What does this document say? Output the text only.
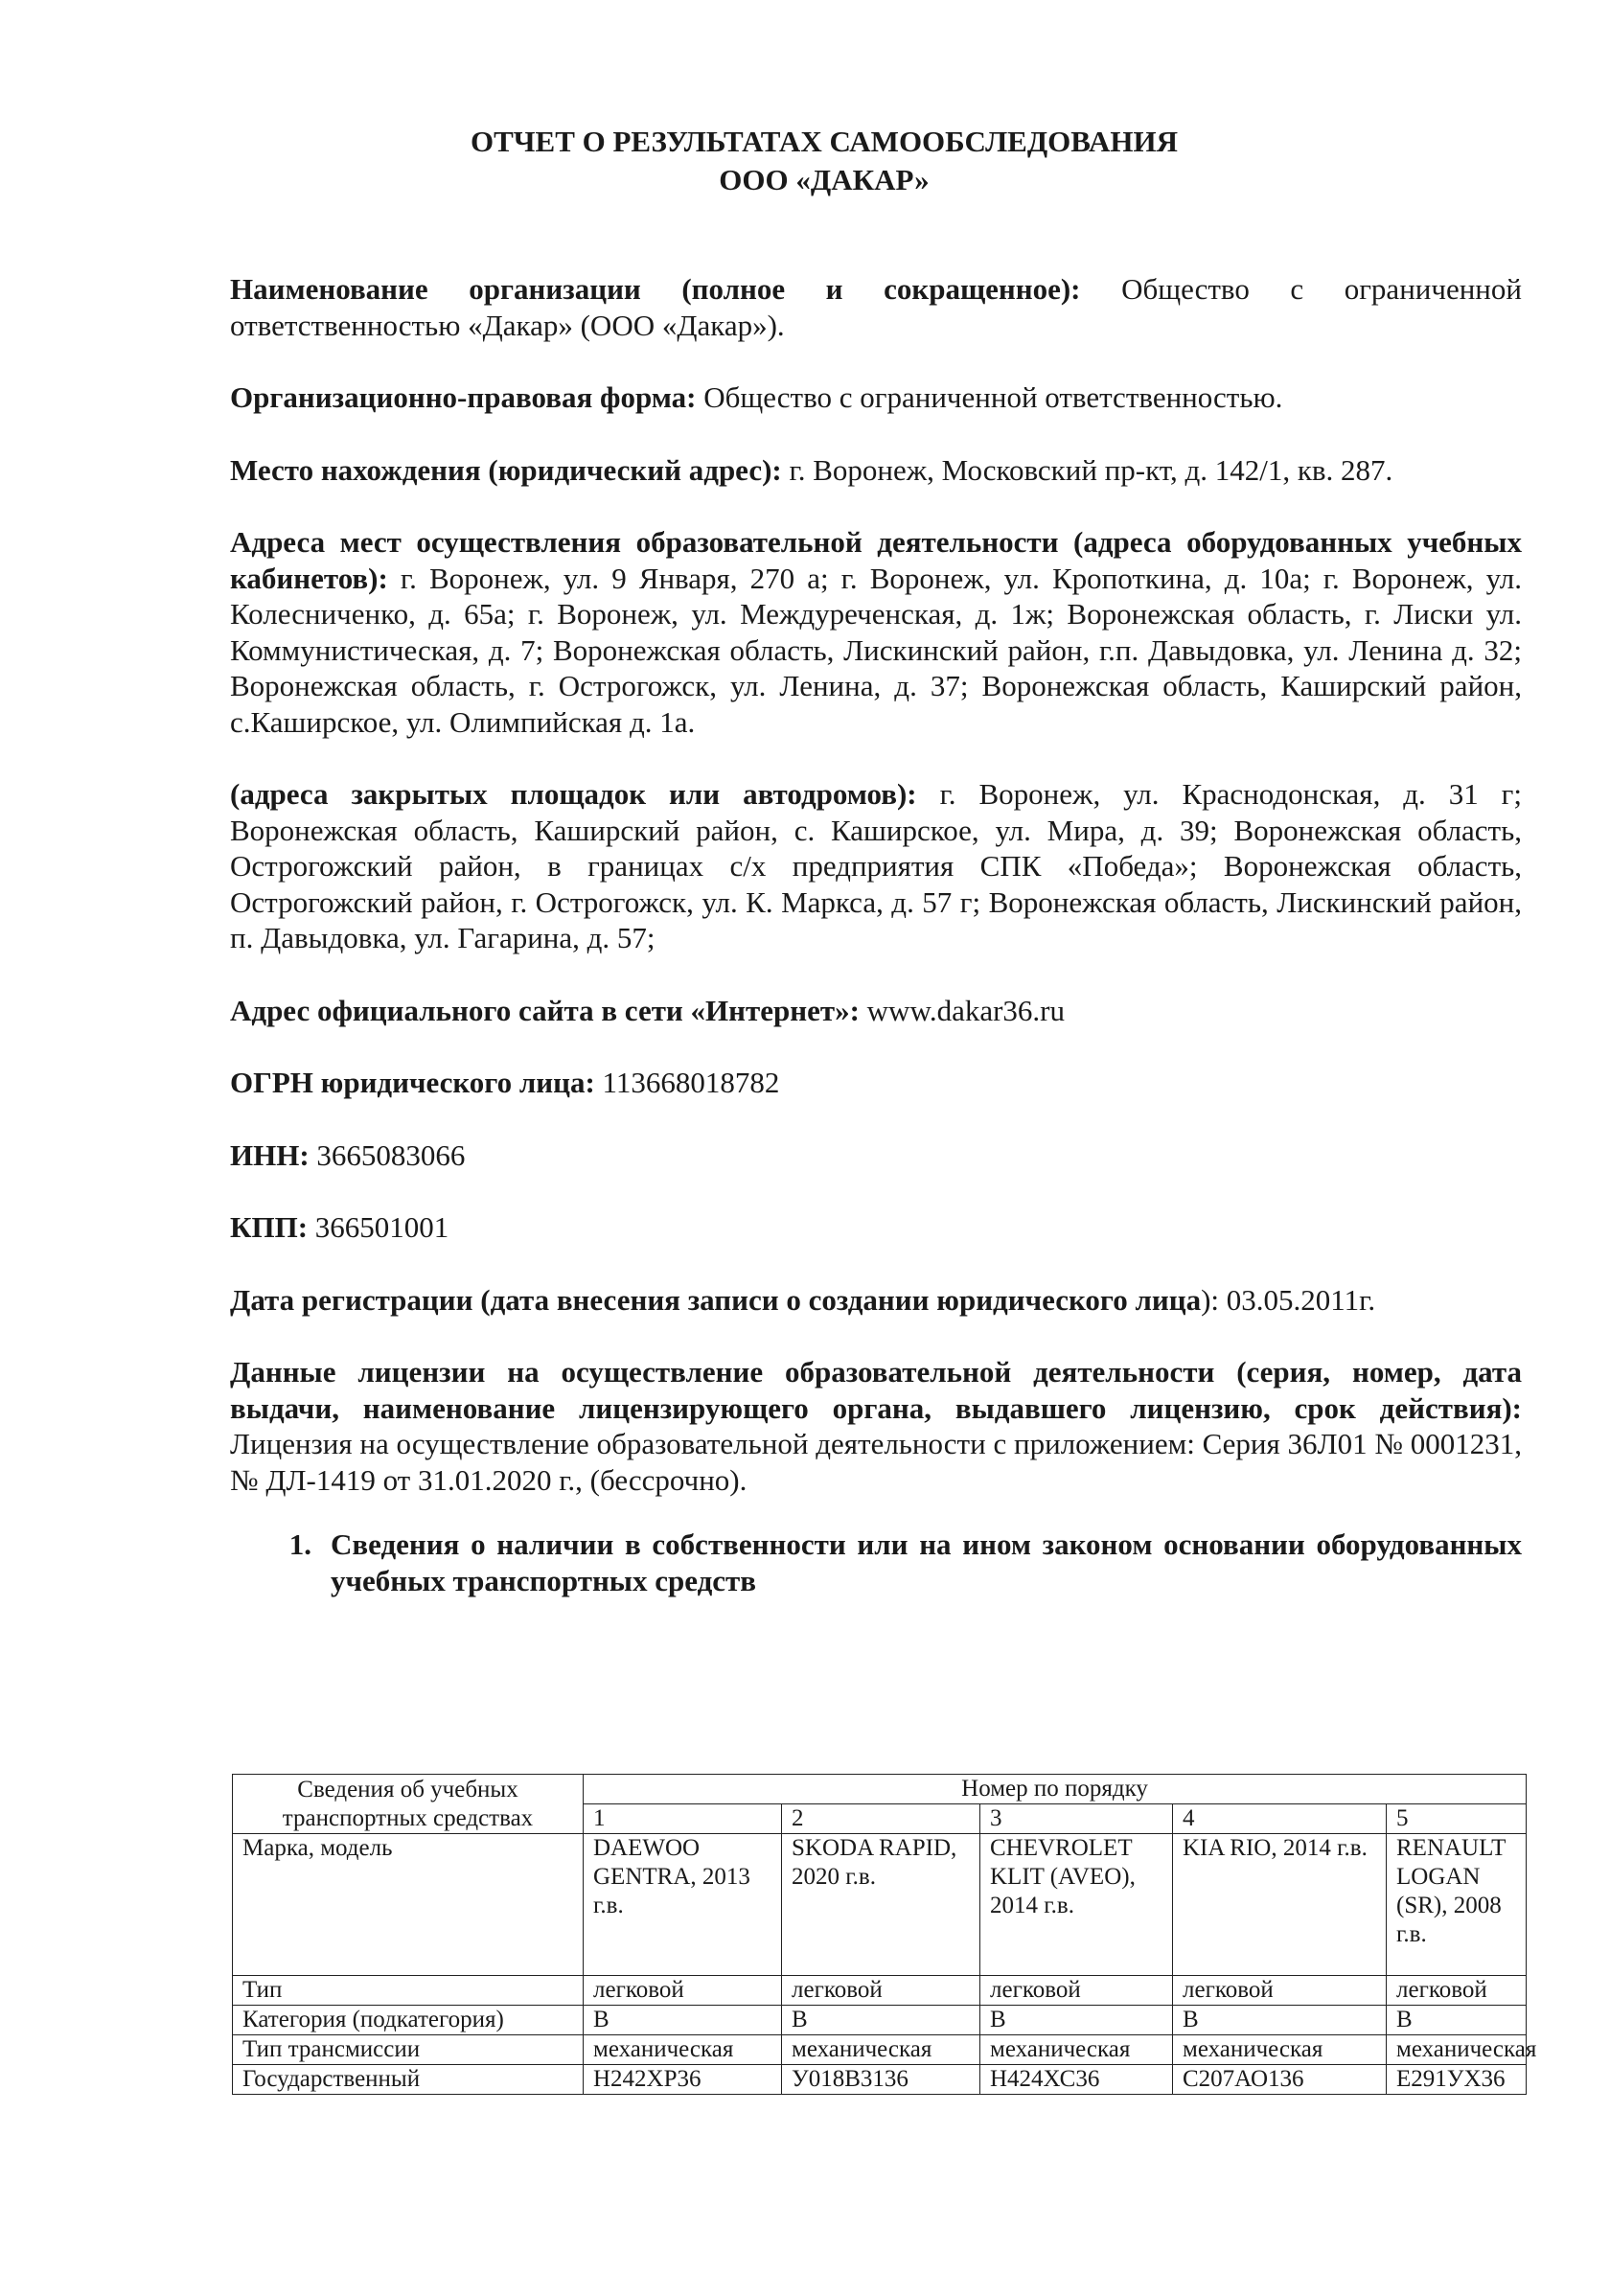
ОТЧЕТ О РЕЗУЛЬТАТАХ САМООБСЛЕДОВАНИЯ
ООО «ДАКАР»

Наименование организации (полное и сокращенное): Общество с ограниченной ответственностью «Дакар» (ООО «Дакар»).

Организационно-правовая форма: Общество с ограниченной ответственностью.

Место нахождения (юридический адрес): г. Воронеж, Московский пр-кт, д. 142/1, кв. 287.

Адреса мест осуществления образовательной деятельности (адреса оборудованных учебных кабинетов): г. Воронеж, ул. 9 Января, 270 а; г. Воронеж, ул. Кропоткина, д. 10а; г. Воронеж, ул. Колесниченко, д. 65а; г. Воронеж, ул. Междуреченская, д. 1ж; Воронежская область, г. Лиски ул. Коммунистическая, д. 7; Воронежская область, Лискинский район, г.п. Давыдовка, ул. Ленина д. 32; Воронежская область, г. Острогожск, ул. Ленина, д. 37; Воронежская область, Каширский район, с.Каширское, ул. Олимпийская д. 1а.

(адреса закрытых площадок или автодромов): г. Воронеж, ул. Краснодонская, д. 31 г; Воронежская область, Каширский район, с. Каширское, ул. Мира, д. 39; Воронежская область, Острогожский район, в границах с/х предприятия СПК «Победа»; Воронежская область, Острогожский район, г. Острогожск, ул. К. Маркса, д. 57 г; Воронежская область, Лискинский район, п. Давыдовка, ул. Гагарина, д. 57;

Адрес официального сайта в сети «Интернет»: www.dakar36.ru

ОГРН юридического лица: 113668018782

ИНН: 3665083066

КПП: 366501001

Дата регистрации (дата внесения записи о создании юридического лица): 03.05.2011г.

Данные лицензии на осуществление образовательной деятельности (серия, номер, дата выдачи, наименование лицензирующего органа, выдавшего лицензию, срок действия): Лицензия на осуществление образовательной деятельности с приложением: Серия 36Л01 № 0001231, № ДЛ-1419 от 31.01.2020 г., (бессрочно).

1. Сведения о наличии в собственности или на ином законом основании оборудованных учебных транспортных средств
Сведения об учебных транспортных средствах	Номер по порядку				
	1	2	3	4	5
Марка, модель	DAEWOO GENTRA, 2013 г.в.	SKODA RAPID, 2020 г.в.	CHEVROLET KLIT (AVEO), 2014 г.в.	KIA RIO, 2014 г.в.	RENAULT LOGAN (SR), 2008 г.в.
Тип	легковой	легковой	легковой	легковой	легковой
Категория (подкатегория)	B	B	B	B	B
Тип трансмиссии	механическая	механическая	механическая	механическая	механическая
Государственный	Н242ХР36	У018В3136	Н424ХС36	С207АО136	Е291УХ36
